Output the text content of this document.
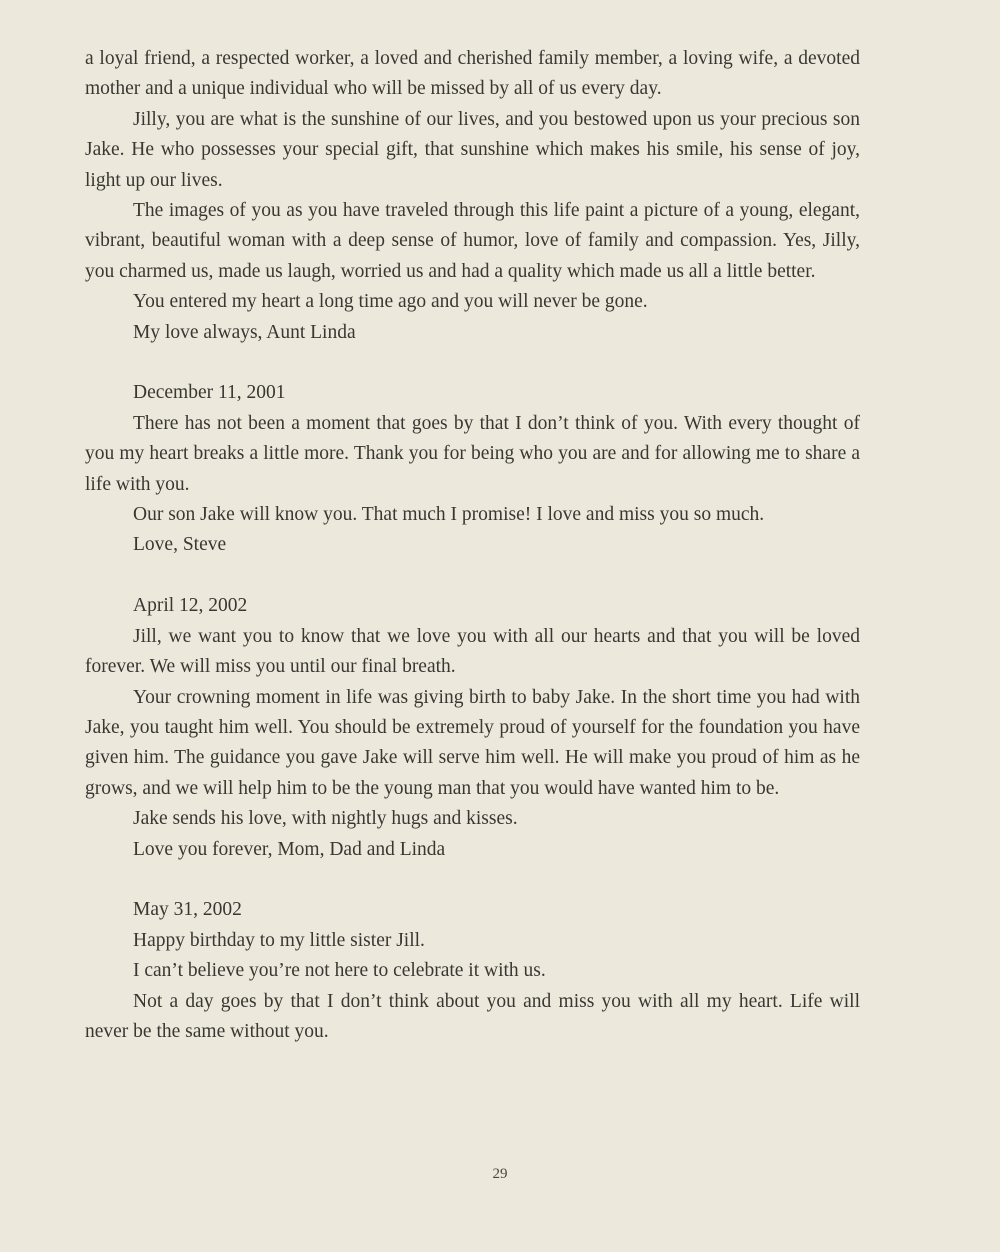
a loyal friend, a respected worker, a loved and cherished family member, a loving wife, a devoted mother and a unique individual who will be missed by all of us every day.

Jilly, you are what is the sunshine of our lives, and you bestowed upon us your precious son Jake. He who possesses your special gift, that sunshine which makes his smile, his sense of joy, light up our lives.

The images of you as you have traveled through this life paint a picture of a young, elegant, vibrant, beautiful woman with a deep sense of humor, love of family and compassion. Yes, Jilly, you charmed us, made us laugh, worried us and had a quality which made us all a little better.

You entered my heart a long time ago and you will never be gone.

My love always, Aunt Linda

December 11, 2001

There has not been a moment that goes by that I don’t think of you. With every thought of you my heart breaks a little more. Thank you for being who you are and for allowing me to share a life with you.

Our son Jake will know you. That much I promise! I love and miss you so much.

Love, Steve

April 12, 2002

Jill, we want you to know that we love you with all our hearts and that you will be loved forever. We will miss you until our final breath.

Your crowning moment in life was giving birth to baby Jake. In the short time you had with Jake, you taught him well. You should be extremely proud of yourself for the foundation you have given him. The guidance you gave Jake will serve him well. He will make you proud of him as he grows, and we will help him to be the young man that you would have wanted him to be.

Jake sends his love, with nightly hugs and kisses.

Love you forever, Mom, Dad and Linda

May 31, 2002

Happy birthday to my little sister Jill.

I can’t believe you’re not here to celebrate it with us.

Not a day goes by that I don’t think about you and miss you with all my heart. Life will never be the same without you.

29
